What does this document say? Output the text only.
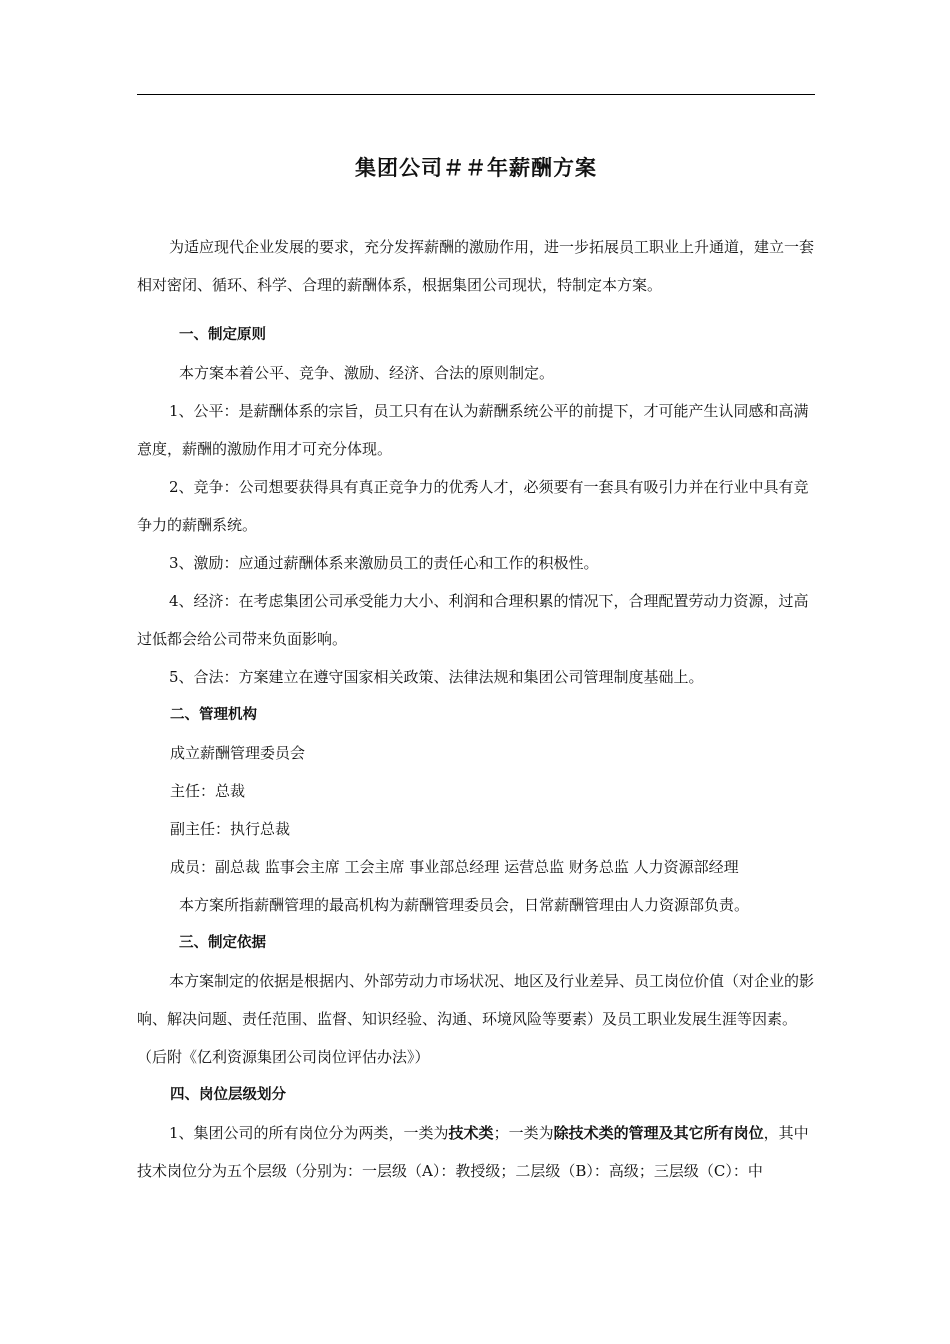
集团公司＃＃年薪酬方案

为适应现代企业发展的要求，充分发挥薪酬的激励作用，进一步拓展员工职业上升通道，建立一套相对密闭、循环、科学、合理的薪酬体系，根据集团公司现状，特制定本方案。

一、制定原则

本方案本着公平、竞争、激励、经济、合法的原则制定。

1、公平：是薪酬体系的宗旨，员工只有在认为薪酬系统公平的前提下，才可能产生认同感和高满意度，薪酬的激励作用才可充分体现。

2、竞争：公司想要获得具有真正竞争力的优秀人才，必须要有一套具有吸引力并在行业中具有竞争力的薪酬系统。

3、激励：应通过薪酬体系来激励员工的责任心和工作的积极性。

4、经济：在考虑集团公司承受能力大小、利润和合理积累的情况下，合理配置劳动力资源，过高过低都会给公司带来负面影响。

5、合法：方案建立在遵守国家相关政策、法律法规和集团公司管理制度基础上。

二、管理机构

成立薪酬管理委员会

主任：总裁

副主任：执行总裁

成员：副总裁 监事会主席 工会主席 事业部总经理 运营总监 财务总监 人力资源部经理

本方案所指薪酬管理的最高机构为薪酬管理委员会，日常薪酬管理由人力资源部负责。

三、制定依据

本方案制定的依据是根据内、外部劳动力市场状况、地区及行业差异、员工岗位价值（对企业的影响、解决问题、责任范围、监督、知识经验、沟通、环境风险等要素）及员工职业发展生涯等因素。（后附《亿利资源集团公司岗位评估办法》）

四、岗位层级划分

1、集团公司的所有岗位分为两类，一类为技术类；一类为除技术类的管理及其它所有岗位，其中技术岗位分为五个层级（分别为：一层级（A）：教授级；二层级（B）：高级；三层级（C）：中
